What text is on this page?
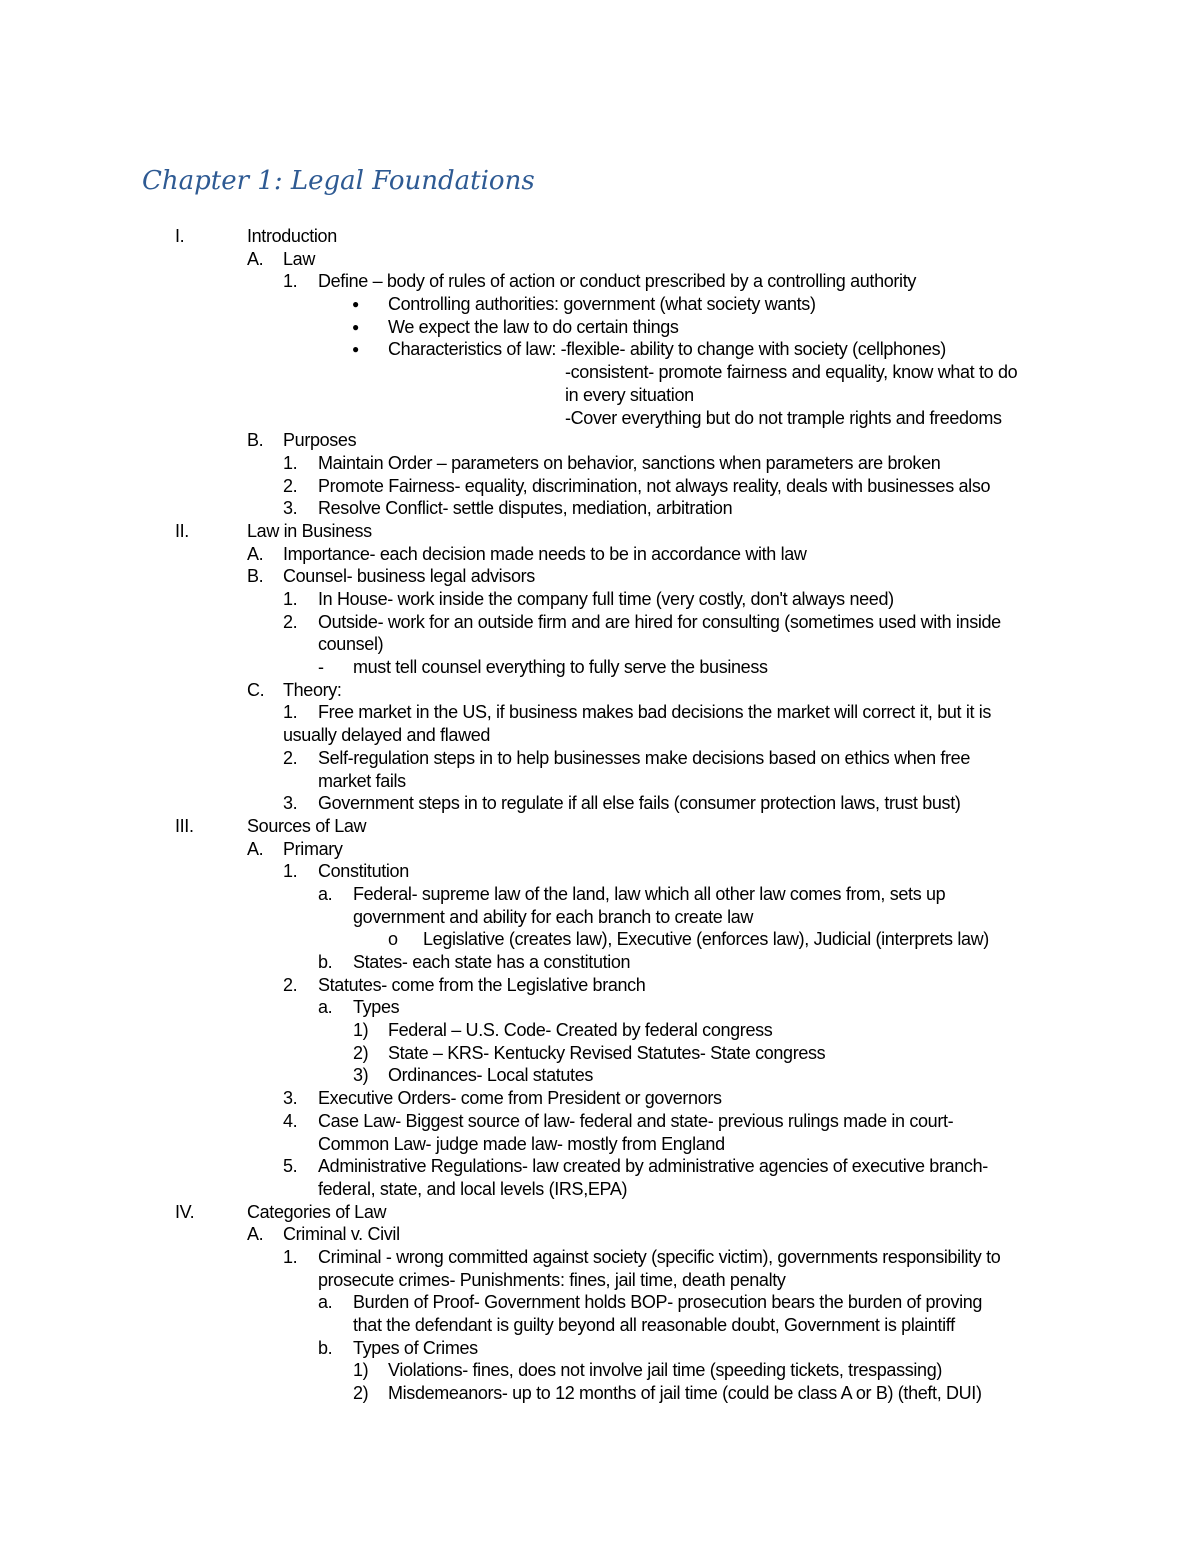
Chapter 1: Legal Foundations
I.	Introduction
A. Law
1. Define – body of rules of action or conduct prescribed by a controlling authority
● Controlling authorities: government (what society wants)
● We expect the law to do certain things
● Characteristics of law: -flexible- ability to change with society (cellphones)
-consistent- promote fairness and equality, know what to do
in every situation
-Cover everything but do not trample rights and freedoms
B. Purposes
1. Maintain Order – parameters on behavior, sanctions when parameters are broken
2. Promote Fairness- equality, discrimination, not always reality, deals with businesses also
3. Resolve Conflict- settle disputes, mediation, arbitration
II.	Law in Business
A. Importance- each decision made needs to be in accordance with law
B. Counsel- business legal advisors
1. In House- work inside the company full time (very costly, don't always need)
2. Outside- work for an outside firm and are hired for consulting (sometimes used with inside
counsel)
- must tell counsel everything to fully serve the business
C. Theory:
1. Free market in the US, if business makes bad decisions the market will correct it, but it is
usually delayed and flawed
2. Self-regulation steps in to help businesses make decisions based on ethics when free
market fails
3. Government steps in to regulate if all else fails (consumer protection laws, trust bust)
III.	Sources of Law
A. Primary
1. Constitution
a. Federal- supreme law of the land, law which all other law comes from, sets up
government and ability for each branch to create law
o Legislative (creates law), Executive (enforces law), Judicial (interprets law)
b. States- each state has a constitution
2. Statutes- come from the Legislative branch
a. Types
1) Federal – U.S. Code- Created by federal congress
2) State – KRS- Kentucky Revised Statutes- State congress
3) Ordinances- Local statutes
3. Executive Orders- come from President or governors
4. Case Law- Biggest source of law- federal and state- previous rulings made in court-
Common Law- judge made law- mostly from England
5. Administrative Regulations- law created by administrative agencies of executive branch-
federal, state, and local levels (IRS,EPA)
IV.	Categories of Law
A. Criminal v. Civil
1. Criminal - wrong committed against society (specific victim), governments responsibility to
prosecute crimes- Punishments: fines, jail time, death penalty
a. Burden of Proof- Government holds BOP- prosecution bears the burden of proving
that the defendant is guilty beyond all reasonable doubt, Government is plaintiff
b. Types of Crimes
1) Violations- fines, does not involve jail time (speeding tickets, trespassing)
2) Misdemeanors- up to 12 months of jail time (could be class A or B) (theft, DUI)
